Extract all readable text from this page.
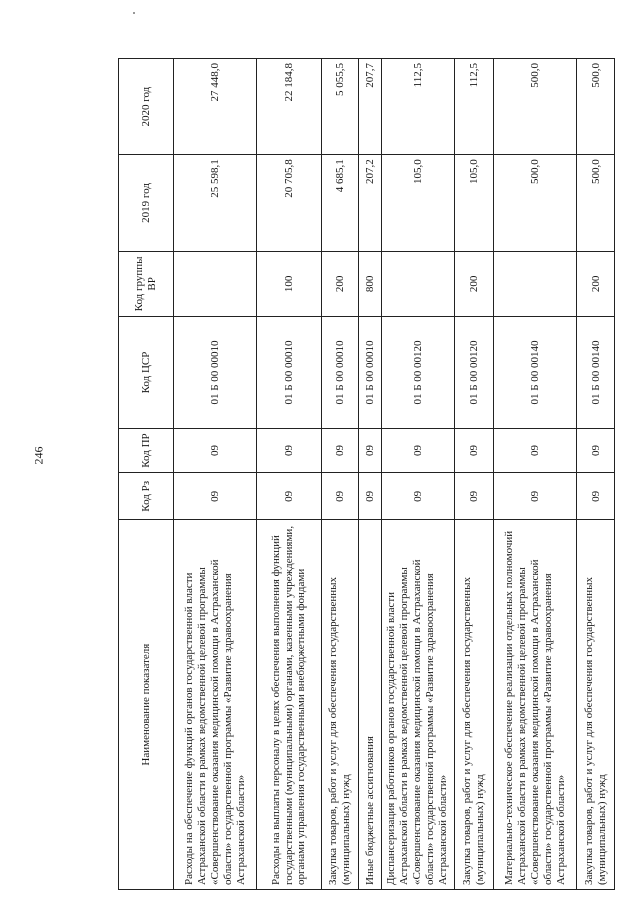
246
Наименование показателя	Код Рз	Код ПР	Код ЦСР	Код группы ВР	2019 год	2020 год
Расходы на обеспечение функций органов государственной власти Астраханской области в рамках ведомственной целевой программы «Совершенствование оказания медицинской помощи в Астраханской области» государственной программы «Развитие здравоохранения Астраханской области»	09	09	01 Б 00 00010		25 598,1	27 448,0
Расходы на выплаты персоналу в целях обеспечения выполнения функций государственными (муниципальными) органами, казенными учреждениями, органами управления государственными внебюджетными фондами	09	09	01 Б 00 00010	100	20 705,8	22 184,8
Закупка товаров, работ и услуг для обеспечения государственных (муниципальных) нужд	09	09	01 Б 00 00010	200	4 685,1	5 055,5
Иные бюджетные ассигнования	09	09	01 Б 00 00010	800	207,2	207,7
Диспансеризация работников органов государственной власти Астраханской области в рамках ведомственной целевой программы «Совершенствование оказания медицинской помощи в Астраханской области» государственной программы «Развитие здравоохранения Астраханской области»	09	09	01 Б 00 00120		105,0	112,5
Закупка товаров, работ и услуг для обеспечения государственных (муниципальных) нужд	09	09	01 Б 00 00120	200	105,0	112,5
Материально-техническое обеспечение реализации отдельных полномочий Астраханской области в рамках ведомственной целевой программы «Совершенствование оказания медицинской помощи в Астраханской области» государственной программы «Развитие здравоохранения Астраханской области»	09	09	01 Б 00 00140		500,0	500,0
Закупка товаров, работ и услуг для обеспечения государственных (муниципальных) нужд	09	09	01 Б 00 00140	200	500,0	500,0
